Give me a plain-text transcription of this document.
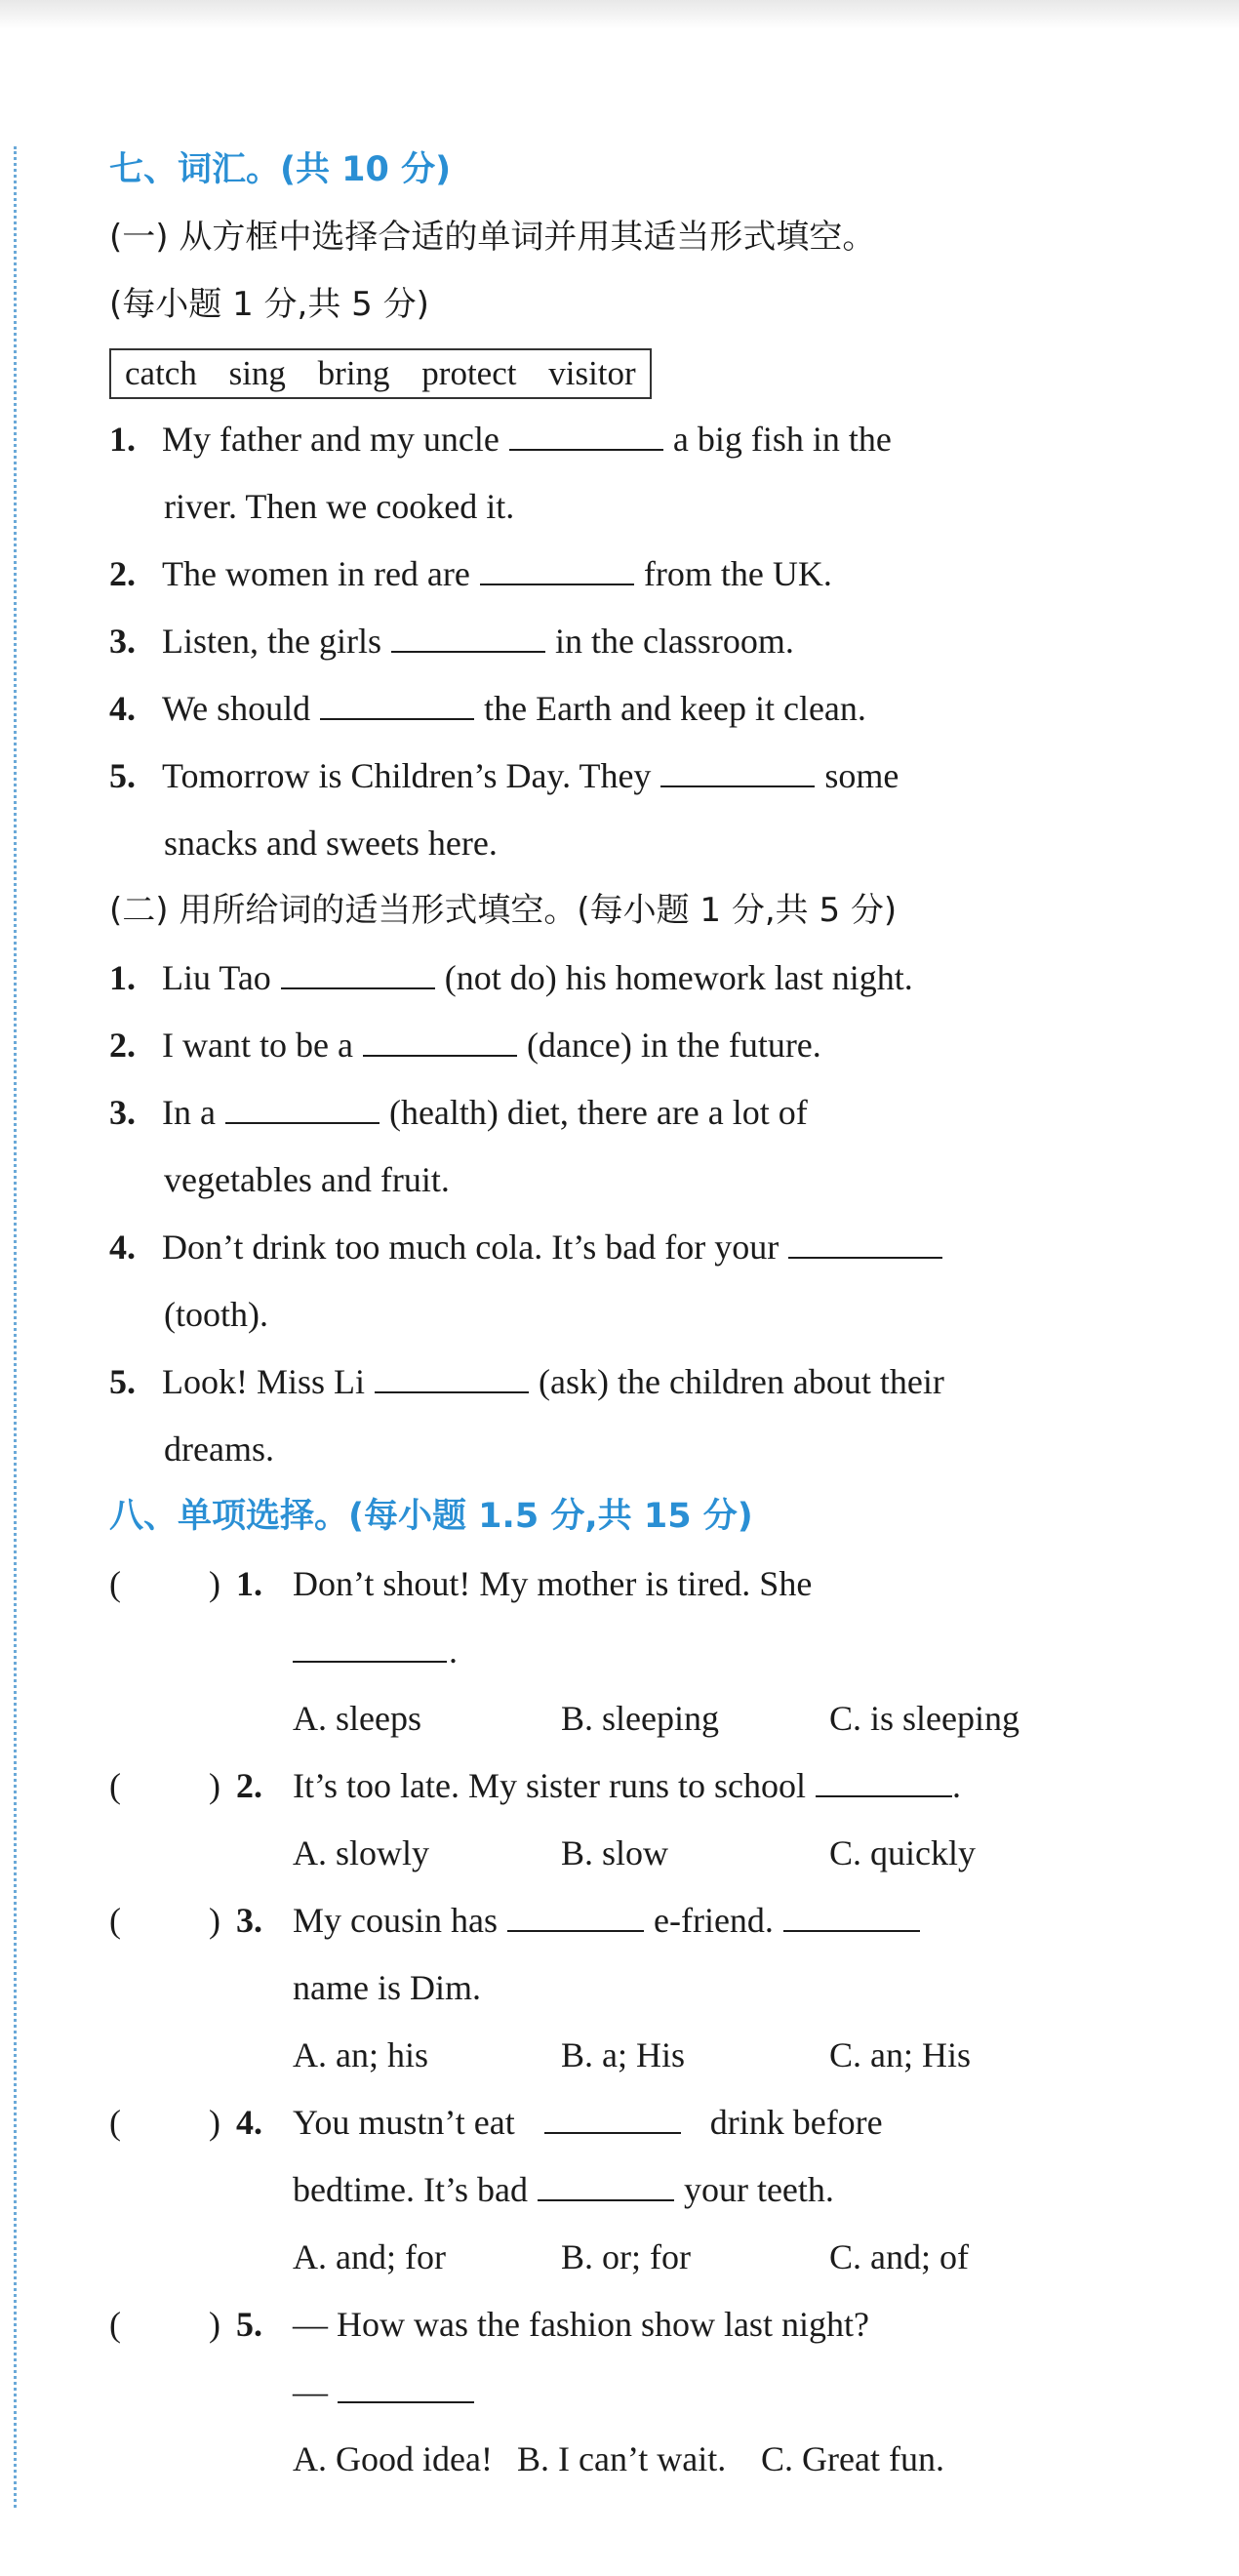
七、词汇。(共 10 分)
(一) 从方框中选择合适的单词并用其适当形式填空。
(每小题 1 分,共 5 分)
catch sing bring protect visitor
1. My father and my uncle	a big fish in the
river. Then we cooked it.
2. The women in red are	from the UK.
3. Listen, the girls	in the classroom.
4. We should	the Earth and keep it clean.
5. Tomorrow is Children’s Day. They	some
snacks and sweets here.
(二) 用所给词的适当形式填空。(每小题 1 分,共 5 分)
1. Liu Tao	(not do) his homework last night.
2. I want to be a	(dance) in the future.
3. In a	(health) diet, there are a lot of
vegetables and fruit.
4. Don’t drink too much cola. It’s bad for your
(tooth).
5. Look! Miss Li	(ask) the children about their
dreams.
八、单项选择。(每小题 1.5 分,共 15 分)
(	) 1. Don’t shout! My mother is tired. She
.
A. sleeps	B. sleeping	C. is sleeping
(	) 2. It’s too late. My sister runs to school	.
A. slowly	B. slow	C. quickly
(	) 3. My cousin has	e-friend.
name is Dim.
A. an; his	B. a; His	C. an; His
(	) 4. You mustn’t eat	drink before
bedtime. It’s bad	your teeth.
A. and; for	B. or; for	C. and; of
(	) 5. — How was the fashion show last night?
—
A. Good idea! B. I can’t wait. C. Great fun.
